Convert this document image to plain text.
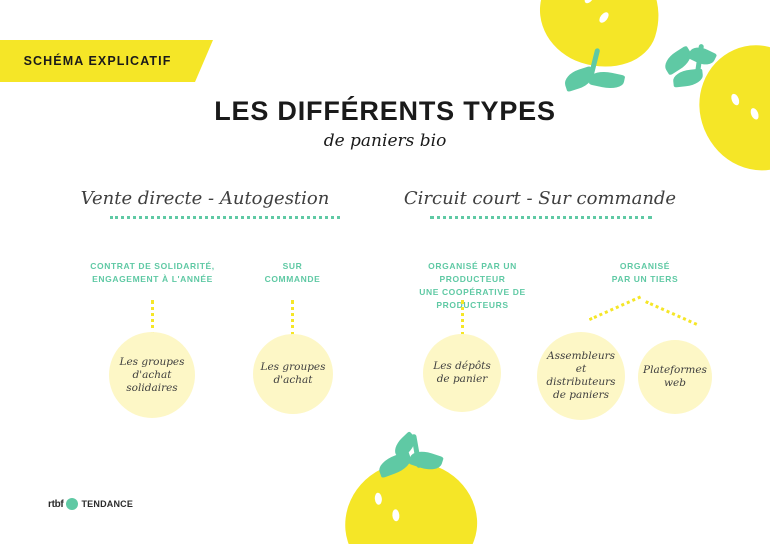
SCHÉMA EXPLICATIF
LES DIFFÉRENTS TYPES
de paniers bio
Vente directe - Autogestion
CONTRAT DE SOLIDARITÉ,
ENGAGEMENT À L'ANNÉE
Les groupes
d'achat solidaires
SUR
COMMANDE
Les groupes
d'achat
Circuit court - Sur commande
ORGANISÉ PAR UN PRODUCTEUR
UNE COOPÉRATIVE DE PRODUCTEURS
Les dépôts
de panier
ORGANISÉ
PAR UN TIERS
Assembleurs
et distributeurs
de paniers
Plateformes
web
rtbf TENDANCE
